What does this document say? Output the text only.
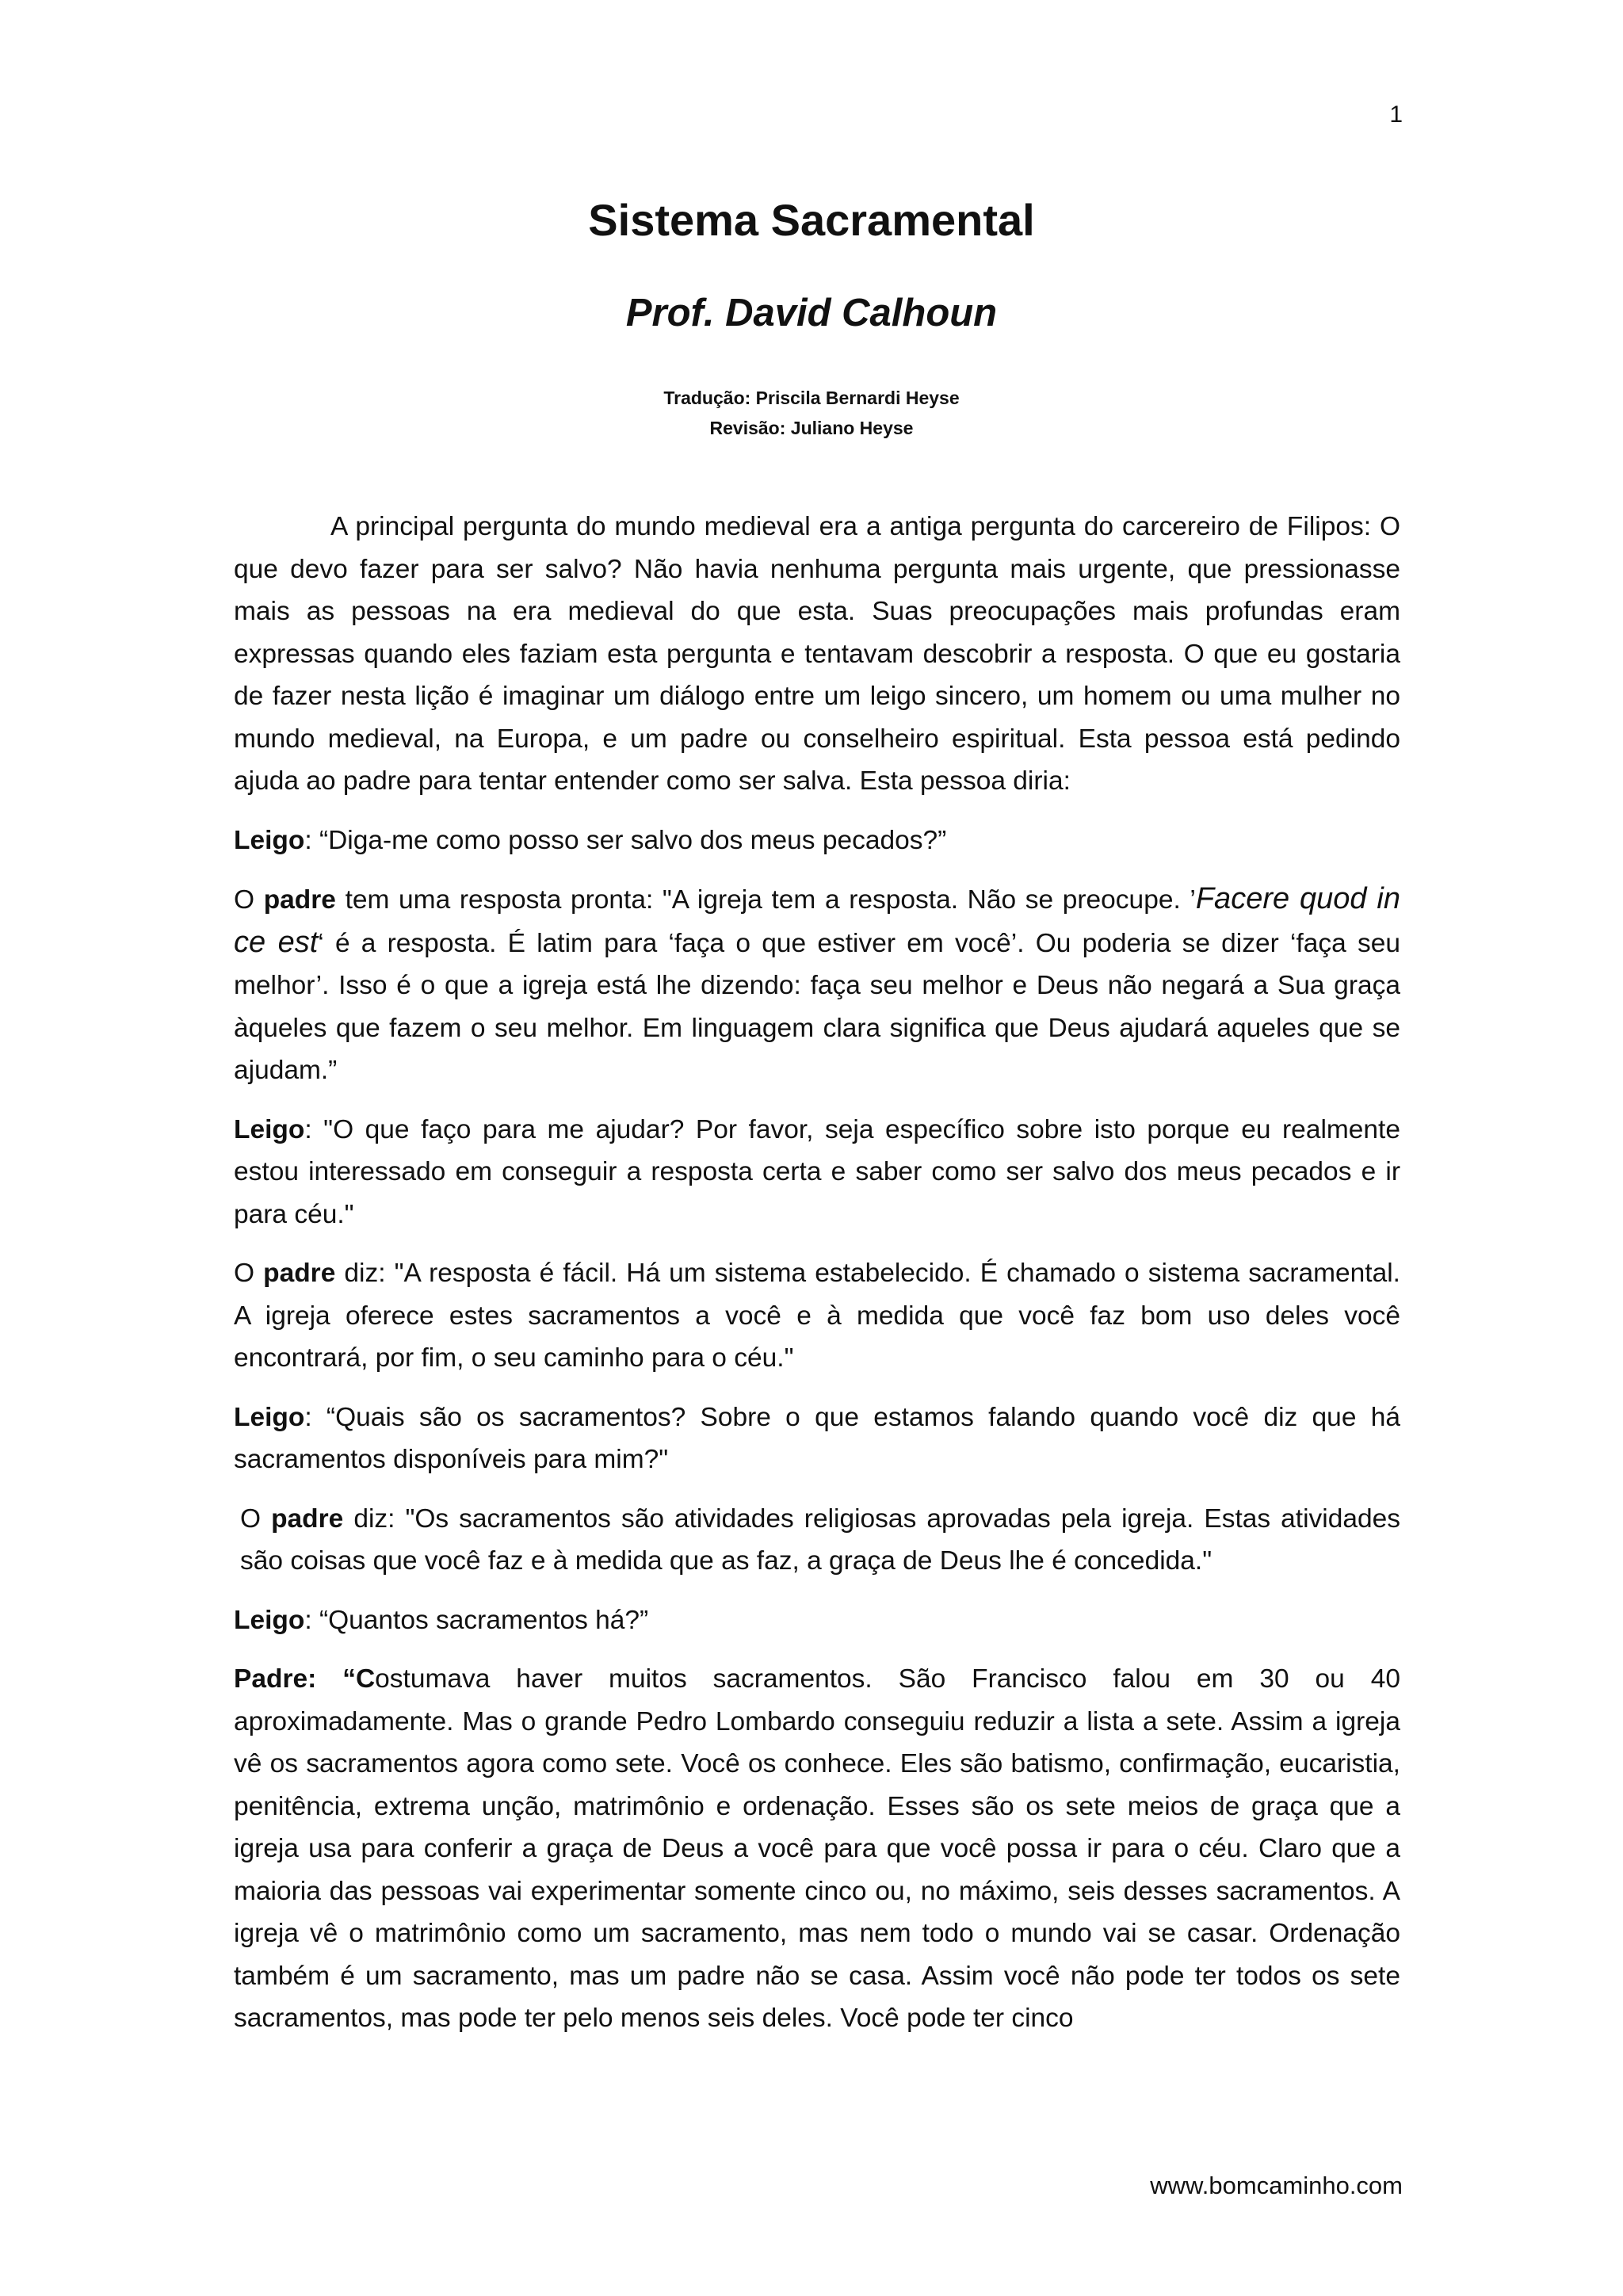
1
Sistema Sacramental
Prof. David Calhoun
Tradução: Priscila Bernardi Heyse
Revisão: Juliano Heyse

A principal pergunta do mundo medieval era a antiga pergunta do carcereiro de Filipos: O que devo fazer para ser salvo? Não havia nenhuma pergunta mais urgente, que pressionasse mais as pessoas na era medieval do que esta. Suas preocupações mais profundas eram expressas quando eles faziam esta pergunta e tentavam descobrir a resposta. O que eu gostaria de fazer nesta lição é imaginar um diálogo entre um leigo sincero, um homem ou uma mulher no mundo medieval, na Europa, e um padre ou conselheiro espiritual. Esta pessoa está pedindo ajuda ao padre para tentar entender como ser salva. Esta pessoa diria:

Leigo: “Diga-me como posso ser salvo dos meus pecados?”

O padre tem uma resposta pronta: "A igreja tem a resposta. Não se preocupe. ’Facere quod in ce est‘ é a resposta. É latim para ‘faça o que estiver em você’. Ou poderia se dizer ‘faça seu melhor’. Isso é o que a igreja está lhe dizendo: faça seu melhor e Deus não negará a Sua graça àqueles que fazem o seu melhor. Em linguagem clara significa que Deus ajudará aqueles que se ajudam.”

Leigo: "O que faço para me ajudar? Por favor, seja específico sobre isto porque eu realmente estou interessado em conseguir a resposta certa e saber como ser salvo dos meus pecados e ir para céu."

O padre diz: "A resposta é fácil. Há um sistema estabelecido. É chamado o sistema sacramental. A igreja oferece estes sacramentos a você e à medida que você faz bom uso deles você encontrará, por fim, o seu caminho para o céu."

Leigo: “Quais são os sacramentos? Sobre o que estamos falando quando você diz que há sacramentos disponíveis para mim?"

O padre diz: "Os sacramentos são atividades religiosas aprovadas pela igreja. Estas atividades são coisas que você faz e à medida que as faz, a graça de Deus lhe é concedida."

Leigo: “Quantos sacramentos há?”

Padre: “Costumava haver muitos sacramentos. São Francisco falou em 30 ou 40 aproximadamente. Mas o grande Pedro Lombardo conseguiu reduzir a lista a sete. Assim a igreja vê os sacramentos agora como sete. Você os conhece. Eles são batismo, confirmação, eucaristia, penitência, extrema unção, matrimônio e ordenação. Esses são os sete meios de graça que a igreja usa para conferir a graça de Deus a você para que você possa ir para o céu. Claro que a maioria das pessoas vai experimentar somente cinco ou, no máximo, seis desses sacramentos. A igreja vê o matrimônio como um sacramento, mas nem todo o mundo vai se casar. Ordenação também é um sacramento, mas um padre não se casa. Assim você não pode ter todos os sete sacramentos, mas pode ter pelo menos seis deles. Você pode ter cinco

www.bomcaminho.com
